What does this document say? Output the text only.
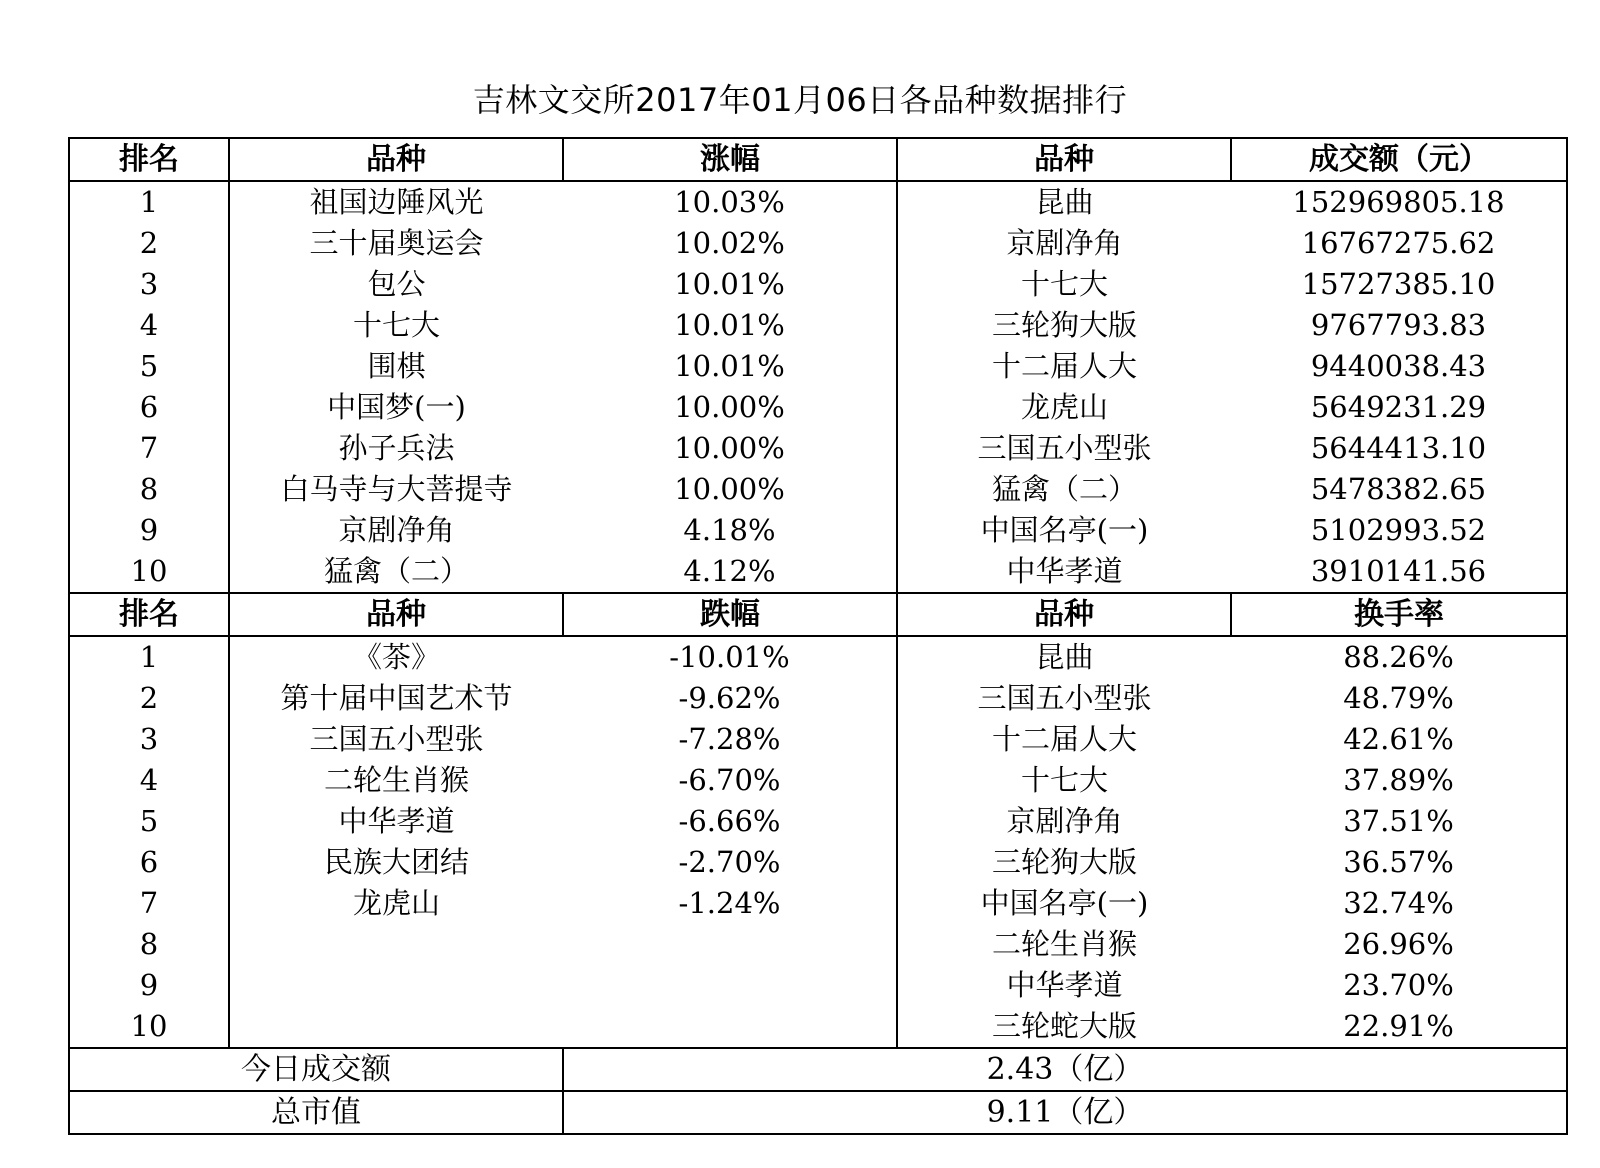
吉林文交所2017年01月06日各品种数据排行
排名	品种	涨幅	品种	成交额（元）
1	祖国边陲风光	10.03%	昆曲	152969805.18
2	三十届奥运会	10.02%	京剧净角	16767275.62
3	包公	10.01%	十七大	15727385.10
4	十七大	10.01%	三轮狗大版	9767793.83
5	围棋	10.01%	十二届人大	9440038.43
6	中国梦(一)	10.00%	龙虎山	5649231.29
7	孙子兵法	10.00%	三国五小型张	5644413.10
8	白马寺与大菩提寺	10.00%	猛禽（二）	5478382.65
9	京剧净角	4.18%	中国名亭(一)	5102993.52
10	猛禽（二）	4.12%	中华孝道	3910141.56
排名	品种	跌幅	品种	换手率
1	《茶》	-10.01%	昆曲	88.26%
2	第十届中国艺术节	-9.62%	三国五小型张	48.79%
3	三国五小型张	-7.28%	十二届人大	42.61%
4	二轮生肖猴	-6.70%	十七大	37.89%
5	中华孝道	-6.66%	京剧净角	37.51%
6	民族大团结	-2.70%	三轮狗大版	36.57%
7	龙虎山	-1.24%	中国名亭(一)	32.74%
8			二轮生肖猴	26.96%
9			中华孝道	23.70%
10			三轮蛇大版	22.91%
今日成交额		2.43（亿）		
总市值		9.11（亿）		
